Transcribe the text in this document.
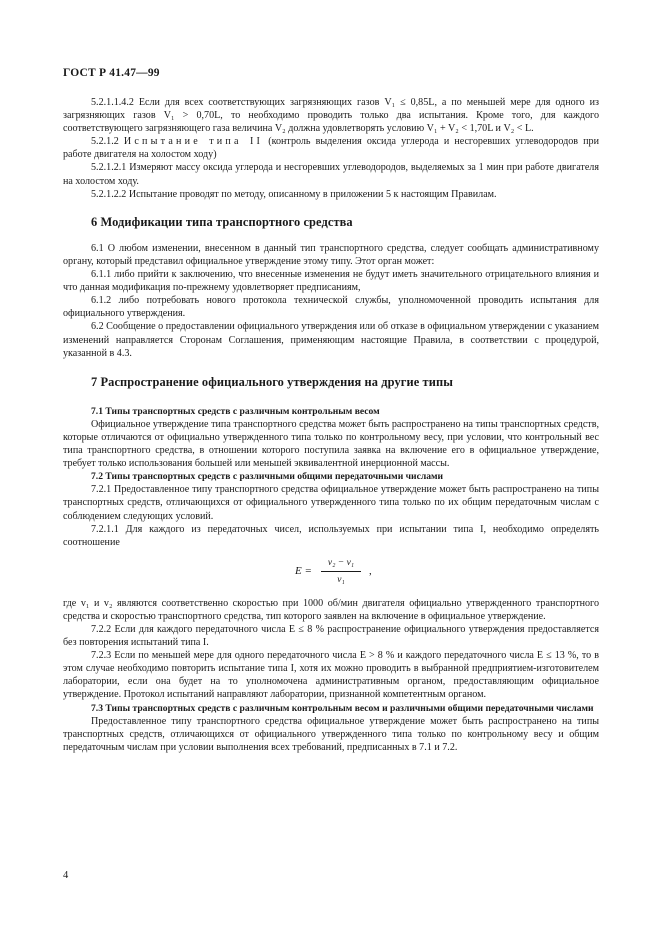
ГОСТ Р 41.47—99

5.2.1.1.4.2 Если для всех соответствующих загрязняющих газов V₁ ≤ 0,85L, а по меньшей мере для одного из загрязняющих газов V₁ > 0,70L, то необходимо проводить только два испытания. Кроме того, для каждого соответствующего загрязняющего газа величина V₂ должна удовлетворять условию V₁ + V₂ < 1,70L и V₂ < L.

5.2.1.2 Испытание типа II (контроль выделения оксида углерода и несгоревших углеводородов при работе двигателя на холостом ходу)

5.2.1.2.1 Измеряют массу оксида углерода и несгоревших углеводородов, выделяемых за 1 мин при работе двигателя на холостом ходу.

5.2.1.2.2 Испытание проводят по методу, описанному в приложении 5 к настоящим Правилам.

6 Модификации типа транспортного средства

6.1 О любом изменении, внесенном в данный тип транспортного средства, следует сообщать административному органу, который представил официальное утверждение этому типу. Этот орган может:

6.1.1 либо прийти к заключению, что внесенные изменения не будут иметь значительного отрицательного влияния и что данная модификация по-прежнему удовлетворяет предписаниям,

6.1.2 либо потребовать нового протокола технической службы, уполномоченной проводить испытания для официального утверждения.

6.2 Сообщение о предоставлении официального утверждения или об отказе в официальном утверждении с указанием изменений направляется Сторонам Соглашения, применяющим настоящие Правила, в соответствии с процедурой, указанной в 4.3.

7 Распространение официального утверждения на другие типы

7.1 Типы транспортных средств с различным контрольным весом

Официальное утверждение типа транспортного средства может быть распространено на типы транспортных средств, которые отличаются от официально утвержденного типа только по контрольному весу, при условии, что контрольный вес типа транспортного средства, в отношении которого поступила заявка на включение его в официальное утверждение, требует только использования большей или меньшей эквивалентной инерционной массы.

7.2 Типы транспортных средств с различными общими передаточными числами

7.2.1 Предоставленное типу транспортного средства официальное утверждение может быть распространено на типы транспортных средств, отличающихся от официального утвержденного типа только по их общим передаточным числам с соблюдением следующих условий.

7.2.1.1 Для каждого из передаточных чисел, используемых при испытании типа I, необходимо определять соотношение

E =
v₂ − v₁
v₁
,

где v₁ и v₂ являются соответственно скоростью при 1000 об/мин двигателя официально утвержденного транспортного средства и скоростью транспортного средства, тип которого заявлен на включение в официальное утверждение.

7.2.2 Если для каждого передаточного числа E ≤ 8 % распространение официального утверждения предоставляется без повторения испытаний типа I.

7.2.3 Если по меньшей мере для одного передаточного числа E > 8 % и каждого передаточного числа E ≤ 13 %, то в этом случае необходимо повторить испытание типа I, хотя их можно проводить в выбранной предприятием-изготовителем лаборатории, если она будет на то уполномочена административным органом, предоставляющим официальное утверждение. Протокол испытаний направляют лаборатории, признанной компетентным органом.

7.3 Типы транспортных средств с различным контрольным весом и различными общими передаточными числами

Предоставленное типу транспортного средства официальное утверждение может быть распространено на типы транспортных средств, отличающихся от официального утвержденного типа только по контрольному весу и общим передаточным числам при условии выполнения всех требований, предписанных в 7.1 и 7.2.

4
